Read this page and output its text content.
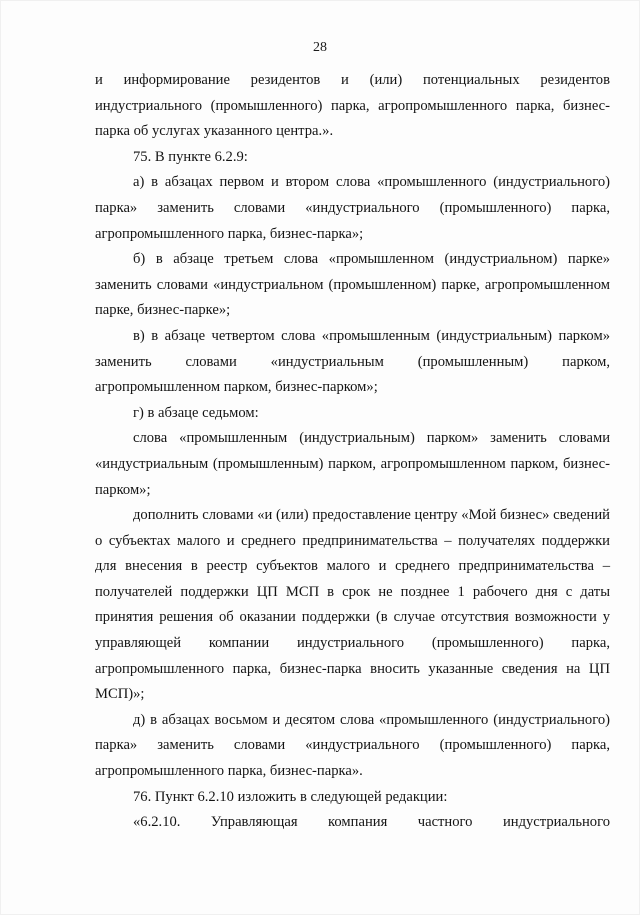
28

и информирование резидентов и (или) потенциальных резидентов индустриального (промышленного) парка, агропромышленного парка, бизнес-парка об услугах указанного центра.».

75. В пункте 6.2.9:

а) в абзацах первом и втором слова «промышленного (индустриального) парка» заменить словами «индустриального (промышленного) парка, агропромышленного парка, бизнес-парка»;

б) в абзаце третьем слова «промышленном (индустриальном) парке» заменить словами «индустриальном (промышленном) парке, агропромышленном парке, бизнес-парке»;

в) в абзаце четвертом слова «промышленным (индустриальным) парком» заменить словами «индустриальным (промышленным) парком, агропромышленном парком, бизнес-парком»;

г) в абзаце седьмом:

слова «промышленным (индустриальным) парком» заменить словами «индустриальным (промышленным) парком, агропромышленном парком, бизнес-парком»;

дополнить словами «и (или) предоставление центру «Мой бизнес» сведений о субъектах малого и среднего предпринимательства – получателях поддержки для внесения в реестр субъектов малого и среднего предпринимательства – получателей поддержки ЦП МСП в срок не позднее 1 рабочего дня с даты принятия решения об оказании поддержки (в случае отсутствия возможности у управляющей компании индустриального (промышленного) парка, агропромышленного парка, бизнес-парка вносить указанные сведения на ЦП МСП)»;

д) в абзацах восьмом и десятом слова «промышленного (индустриального) парка» заменить словами «индустриального (промышленного) парка, агропромышленного парка, бизнес-парка».

76. Пункт 6.2.10 изложить в следующей редакции:

«6.2.10. Управляющая компания частного индустриального
